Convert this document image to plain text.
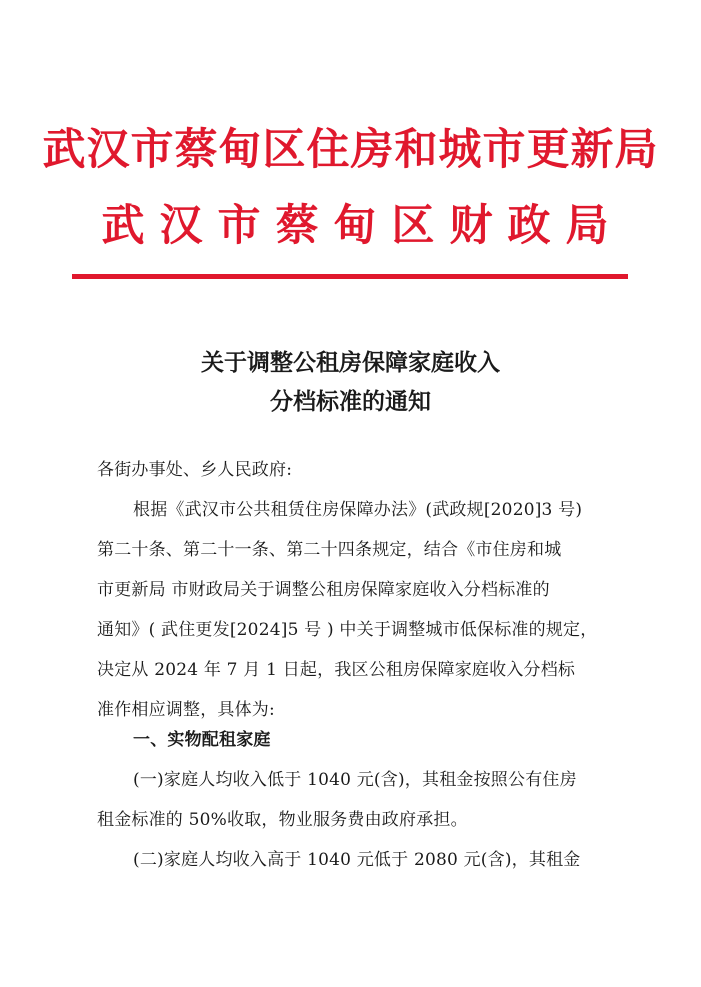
武汉市蔡甸区住房和城市更新局
武汉市蔡甸区财政局
关于调整公租房保障家庭收入
分档标准的通知
各街办事处、乡人民政府:
根据《武汉市公共租赁住房保障办法》(武政规[2020]3 号)
第二十条、第二十一条、第二十四条规定，结合《市住房和城
市更新局 市财政局关于调整公租房保障家庭收入分档标准的
通知》( 武住更发[2024]5 号 ) 中关于调整城市低保标准的规定，
决定从 2024 年 7 月 1 日起，我区公租房保障家庭收入分档标
准作相应调整，具体为:
一、实物配租家庭
(一)家庭人均收入低于 1040 元(含)，其租金按照公有住房
租金标准的 50%收取，物业服务费由政府承担。
(二)家庭人均收入高于 1040 元低于 2080 元(含)，其租金
